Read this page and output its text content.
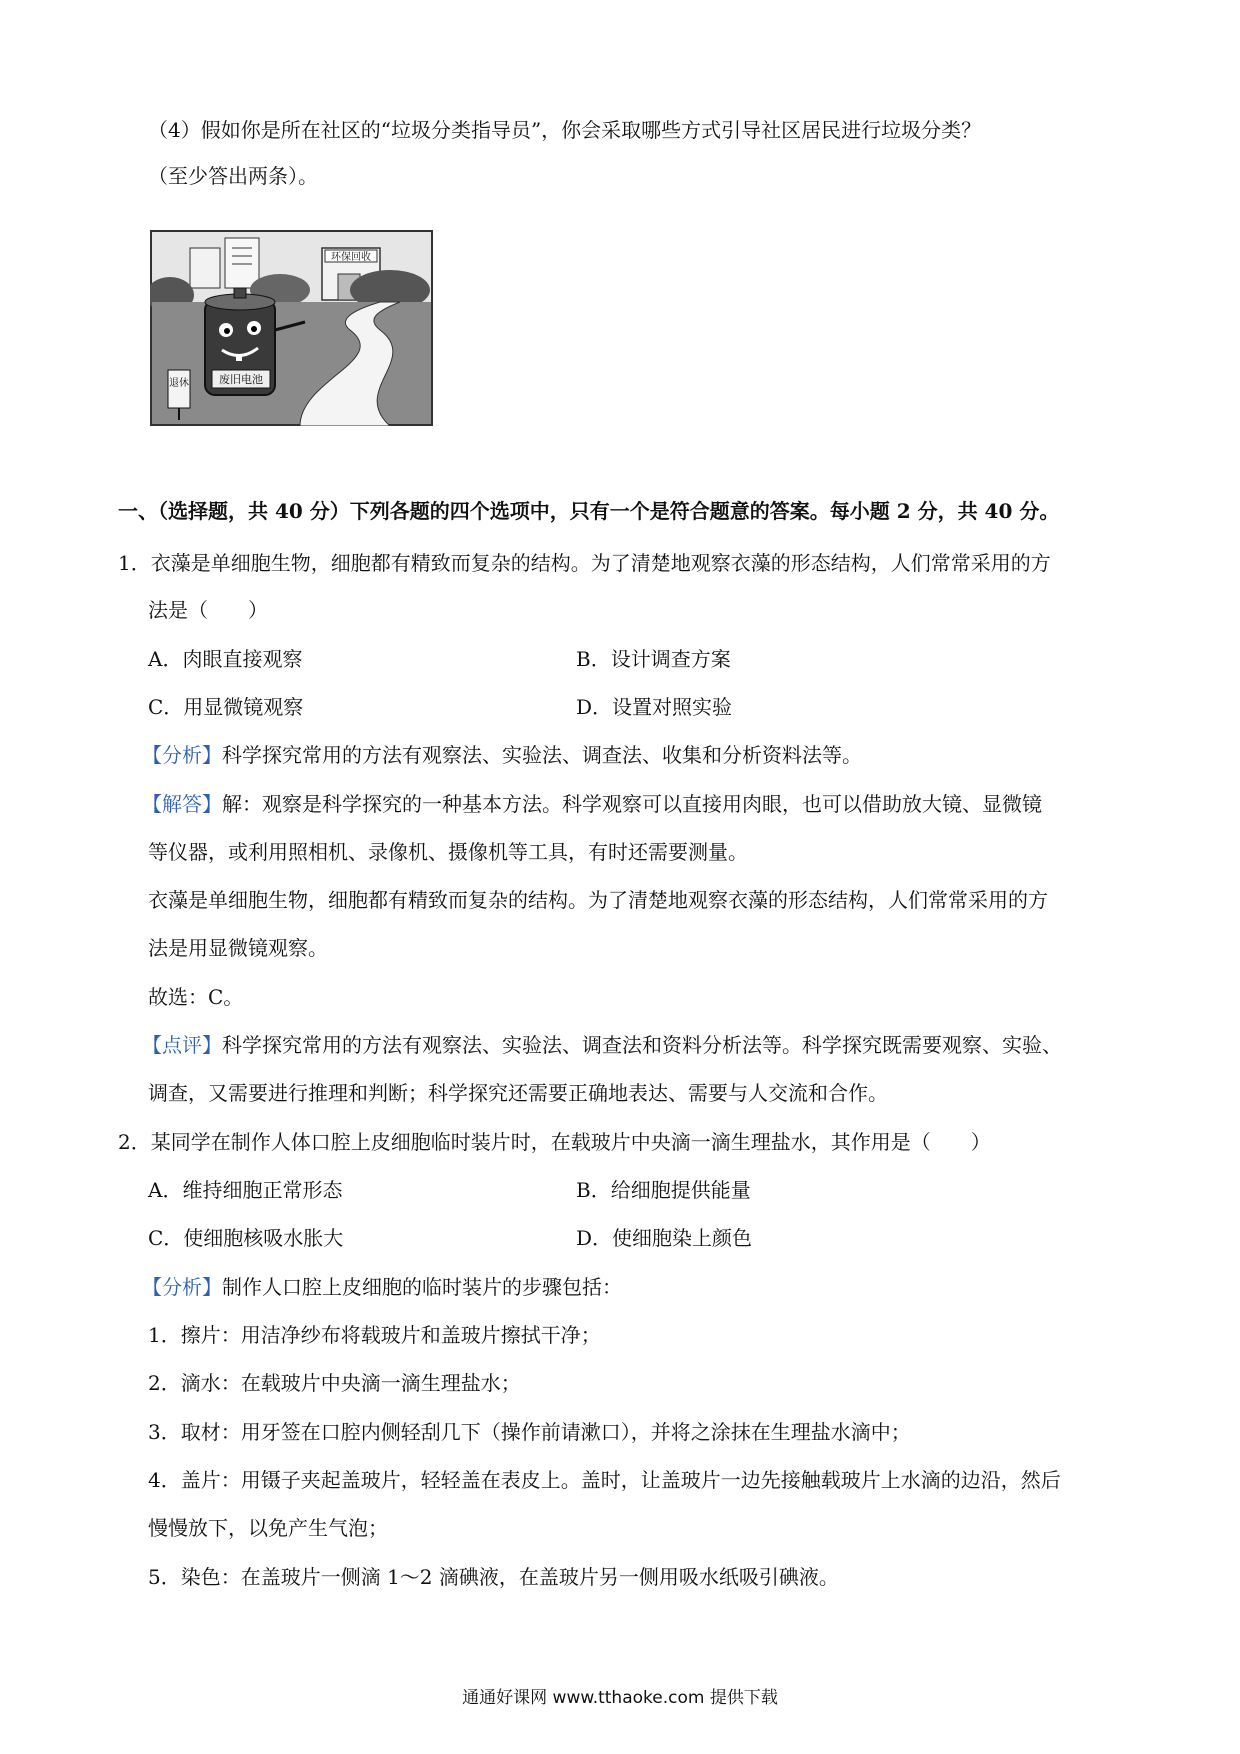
（4）假如你是所在社区的“垃圾分类指导员”，你会采取哪些方式引导社区居民进行垃圾分类？
（至少答出两条）。
环保回收
废旧电池
退休
一、（选择题，共 40 分）下列各题的四个选项中，只有一个是符合题意的答案。每小题 2 分，共 40 分。
1．衣藻是单细胞生物，细胞都有精致而复杂的结构。为了清楚地观察衣藻的形态结构，人们常常采用的方
法是（　　）
A．肉眼直接观察	B．设计调查方案
C．用显微镜观察	D．设置对照实验
【分析】科学探究常用的方法有观察法、实验法、调查法、收集和分析资料法等。
【解答】解：观察是科学探究的一种基本方法。科学观察可以直接用肉眼，也可以借助放大镜、显微镜
等仪器，或利用照相机、录像机、摄像机等工具，有时还需要测量。
衣藻是单细胞生物，细胞都有精致而复杂的结构。为了清楚地观察衣藻的形态结构，人们常常采用的方
法是用显微镜观察。
故选：C。
【点评】科学探究常用的方法有观察法、实验法、调查法和资料分析法等。科学探究既需要观察、实验、
调查，又需要进行推理和判断；科学探究还需要正确地表达、需要与人交流和合作。
2．某同学在制作人体口腔上皮细胞临时装片时，在载玻片中央滴一滴生理盐水，其作用是（　　）
A．维持细胞正常形态	B．给细胞提供能量
C．使细胞核吸水胀大	D．使细胞染上颜色
【分析】制作人口腔上皮细胞的临时装片的步骤包括：
1．擦片：用洁净纱布将载玻片和盖玻片擦拭干净；
2．滴水：在载玻片中央滴一滴生理盐水；
3．取材：用牙签在口腔内侧轻刮几下（操作前请漱口），并将之涂抹在生理盐水滴中；
4．盖片：用镊子夹起盖玻片，轻轻盖在表皮上。盖时，让盖玻片一边先接触载玻片上水滴的边沿，然后
慢慢放下，以免产生气泡；
5．染色：在盖玻片一侧滴 1～2 滴碘液，在盖玻片另一侧用吸水纸吸引碘液。
通通好课网 www.tthaoke.com 提供下载
